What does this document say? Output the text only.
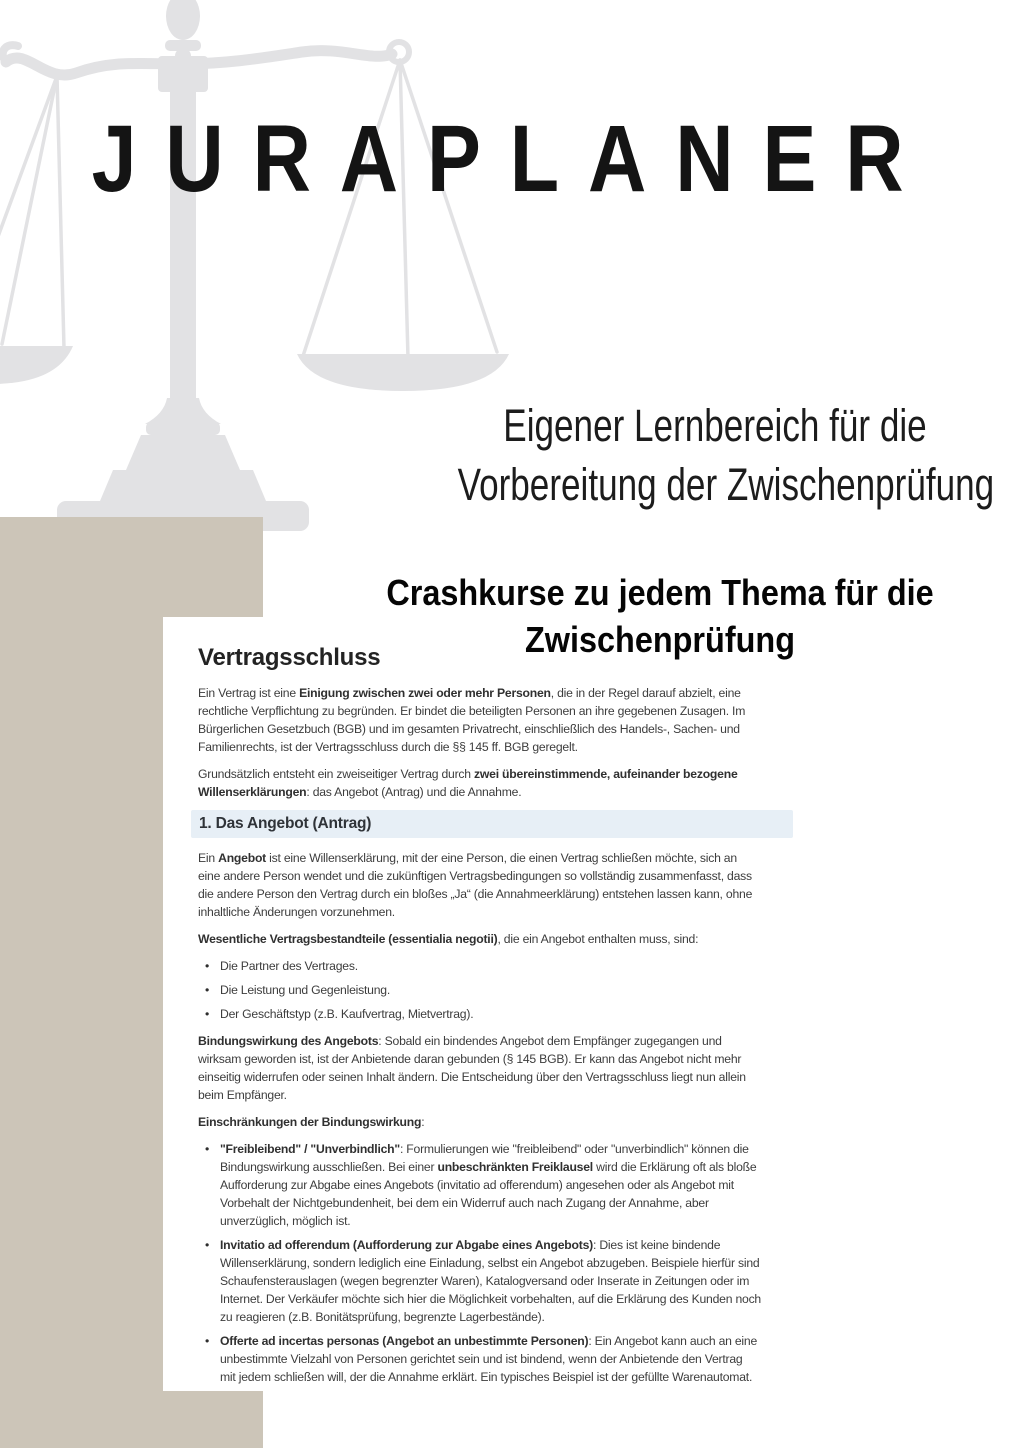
JURAPLANER
Eigener Lernbereich für die
Vorbereitung der Zwischenprüfung
Crashkurse zu jedem Thema für die
Zwischenprüfung
Vertragsschluss

Ein Vertrag ist eine Einigung zwischen zwei oder mehr Personen, die in der Regel darauf abzielt, eine rechtliche Verpflichtung zu begründen. Er bindet die beteiligten Personen an ihre gegebenen Zusagen. Im Bürgerlichen Gesetzbuch (BGB) und im gesamten Privatrecht, einschließlich des Handels-, Sachen- und Familienrechts, ist der Vertragsschluss durch die §§ 145 ff. BGB geregelt.

Grundsätzlich entsteht ein zweiseitiger Vertrag durch zwei übereinstimmende, aufeinander bezogene Willenserklärungen: das Angebot (Antrag) und die Annahme.

1. Das Angebot (Antrag)

Ein Angebot ist eine Willenserklärung, mit der eine Person, die einen Vertrag schließen möchte, sich an eine andere Person wendet und die zukünftigen Vertragsbedingungen so vollständig zusammenfasst, dass die andere Person den Vertrag durch ein bloßes „Ja“ (die Annahmeerklärung) entstehen lassen kann, ohne inhaltliche Änderungen vorzunehmen.

Wesentliche Vertragsbestandteile (essentialia negotii), die ein Angebot enthalten muss, sind:

• Die Partner des Vertrages.
• Die Leistung und Gegenleistung.
• Der Geschäftstyp (z.B. Kaufvertrag, Mietvertrag).

Bindungswirkung des Angebots: Sobald ein bindendes Angebot dem Empfänger zugegangen und wirksam geworden ist, ist der Anbietende daran gebunden (§ 145 BGB). Er kann das Angebot nicht mehr einseitig widerrufen oder seinen Inhalt ändern. Die Entscheidung über den Vertragsschluss liegt nun allein beim Empfänger.

Einschränkungen der Bindungswirkung:

• "Freibleibend" / "Unverbindlich": Formulierungen wie "freibleibend" oder "unverbindlich" können die Bindungswirkung ausschließen. Bei einer unbeschränkten Freiklausel wird die Erklärung oft als bloße Aufforderung zur Abgabe eines Angebots (invitatio ad offerendum) angesehen oder als Angebot mit Vorbehalt der Nichtgebundenheit, bei dem ein Widerruf auch nach Zugang der Annahme, aber unverzüglich, möglich ist.
• Invitatio ad offerendum (Aufforderung zur Abgabe eines Angebots): Dies ist keine bindende Willenserklärung, sondern lediglich eine Einladung, selbst ein Angebot abzugeben. Beispiele hierfür sind Schaufensterauslagen (wegen begrenzter Waren), Katalogversand oder Inserate in Zeitungen oder im Internet. Der Verkäufer möchte sich hier die Möglichkeit vorbehalten, auf die Erklärung des Kunden noch zu reagieren (z.B. Bonitätsprüfung, begrenzte Lagerbestände).
• Offerte ad incertas personas (Angebot an unbestimmte Personen): Ein Angebot kann auch an eine unbestimmte Vielzahl von Personen gerichtet sein und ist bindend, wenn der Anbietende den Vertrag mit jedem schließen will, der die Annahme erklärt. Ein typisches Beispiel ist der gefüllte Warenautomat.
